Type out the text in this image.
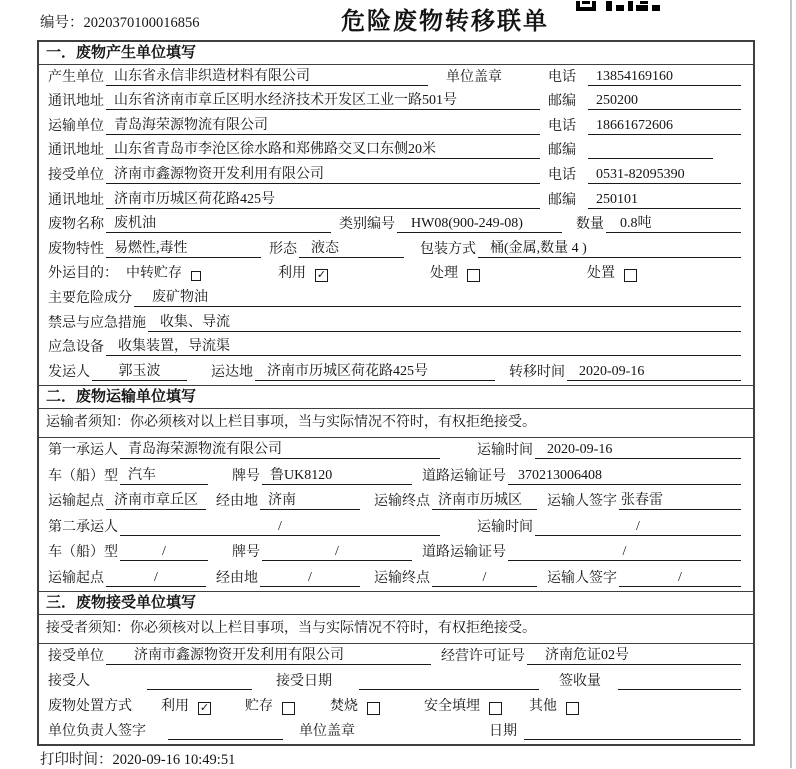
编号：2020370100016856	危险废物转移联单
一．废物产生单位填写
产生单位 山东省永信非织造材料有限公司	单位盖章	电话	13854169160
通讯地址 山东省济南市章丘区明水经济技术开发区工业一路501号	邮编	250200
运输单位 青岛海荣源物流有限公司	电话	18661672606
通讯地址 山东省青岛市李沧区徐水路和郑佛路交叉口东侧20米	邮编
接受单位 济南市鑫源物资开发利用有限公司	电话	0531-82095390
通讯地址 济南市历城区荷花路425号	邮编	250101
废物名称 废机油	类别编号	HW08(900-249-08)	数量	0.8吨
废物特性 易燃性,毒性	形态	液态	包装方式	桶(金属,数量 4 )
外运目的： 中转贮存	利用 ✓	处理	处置
主要危险成分	废矿物油
禁忌与应急措施	收集、导流
应急设备	收集装置，导流渠
发运人	郭玉波	运达地	济南市历城区荷花路425号	转移时间	2020-09-16
二．废物运输单位填写
运输者须知：你必须核对以上栏目事项，当与实际情况不符时，有权拒绝接受。
第一承运人 青岛海荣源物流有限公司	运输时间	2020-09-16
车（船）型 汽车	牌号 鲁UK8120	道路运输证号 370213006408
运输起点 济南市章丘区	经由地 济南	运输终点 济南市历城区	运输人签字 张春雷
第二承运人	/	运输时间	/
车（船）型	/	牌号	/	道路运输证号	/
运输起点	/	经由地	/	运输终点	/	运输人签字	/
三．废物接受单位填写
接受者须知：你必须核对以上栏目事项，当与实际情况不符时，有权拒绝接受。
接受单位	济南市鑫源物资开发利用有限公司	经营许可证号	济南危证02号
接受人	接受日期	签收量
废物处置方式 利用 ✓	贮存	焚烧	安全填埋	其他
单位负责人签字	单位盖章	日期
打印时间：2020-09-16 10:49:51
